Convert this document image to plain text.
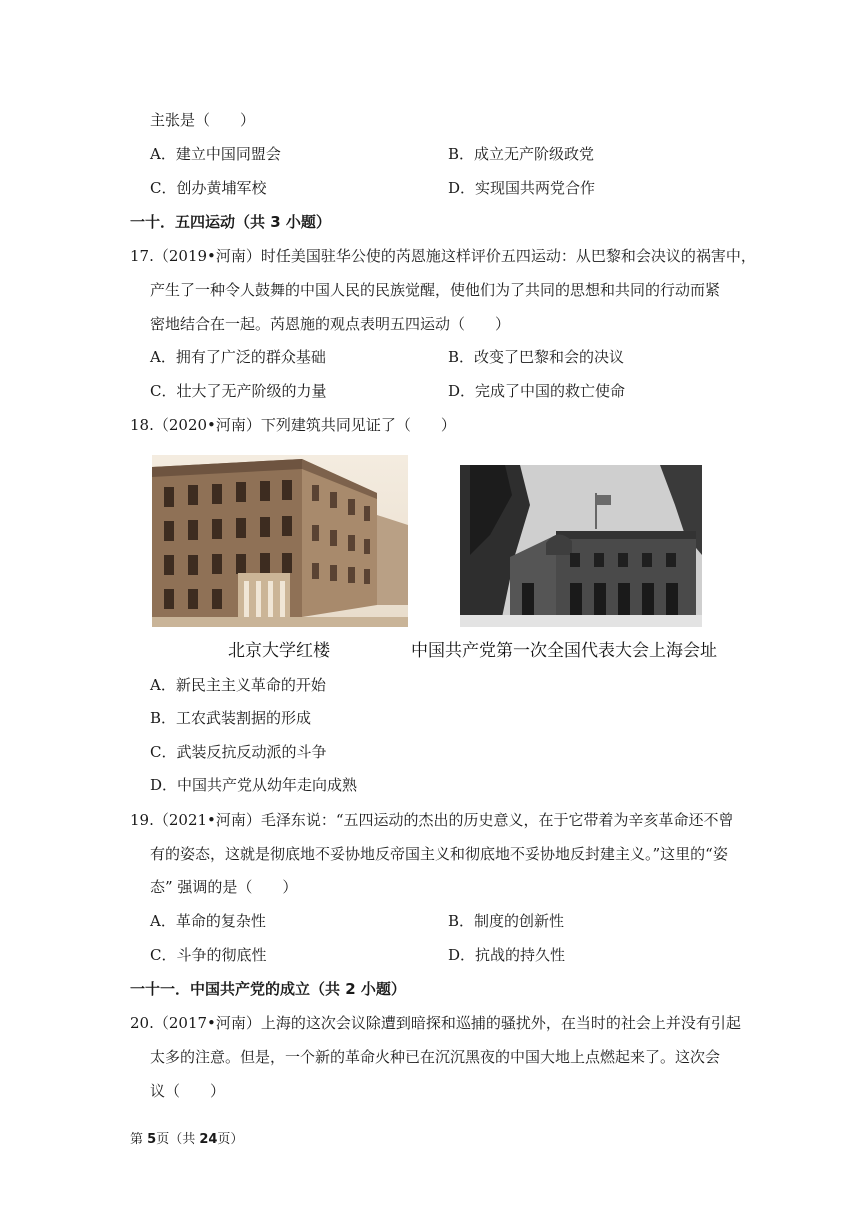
主张是（　　）
A．建立中国同盟会	B．成立无产阶级政党
C．创办黄埔军校	D．实现国共两党合作
一十．五四运动（共 3 小题）
17.（2019•河南）时任美国驻华公使的芮恩施这样评价五四运动：从巴黎和会决议的祸害中，
产生了一种令人鼓舞的中国人民的民族觉醒，使他们为了共同的思想和共同的行动而紧
密地结合在一起。芮恩施的观点表明五四运动（　　）
A．拥有了广泛的群众基础	B．改变了巴黎和会的决议
C．壮大了无产阶级的力量	D．完成了中国的救亡使命
18.（2020•河南）下列建筑共同见证了（　　）
北京大学红楼	中国共产党第一次全国代表大会上海会址
A．新民主主义革命的开始
B．工农武装割据的形成
C．武装反抗反动派的斗争
D．中国共产党从幼年走向成熟
19.（2021•河南）毛泽东说：“五四运动的杰出的历史意义，在于它带着为辛亥革命还不曾
有的姿态，这就是彻底地不妥协地反帝国主义和彻底地不妥协地反封建主义。”这里的“姿
态” 强调的是（　　）
A．革命的复杂性	B．制度的创新性
C．斗争的彻底性	D．抗战的持久性
一十一．中国共产党的成立（共 2 小题）
20.（2017•河南）上海的这次会议除遭到暗探和巡捕的骚扰外，在当时的社会上并没有引起
太多的注意。但是，一个新的革命火种已在沉沉黑夜的中国大地上点燃起来了。这次会
议（　　）
第 5页（共 24页）
